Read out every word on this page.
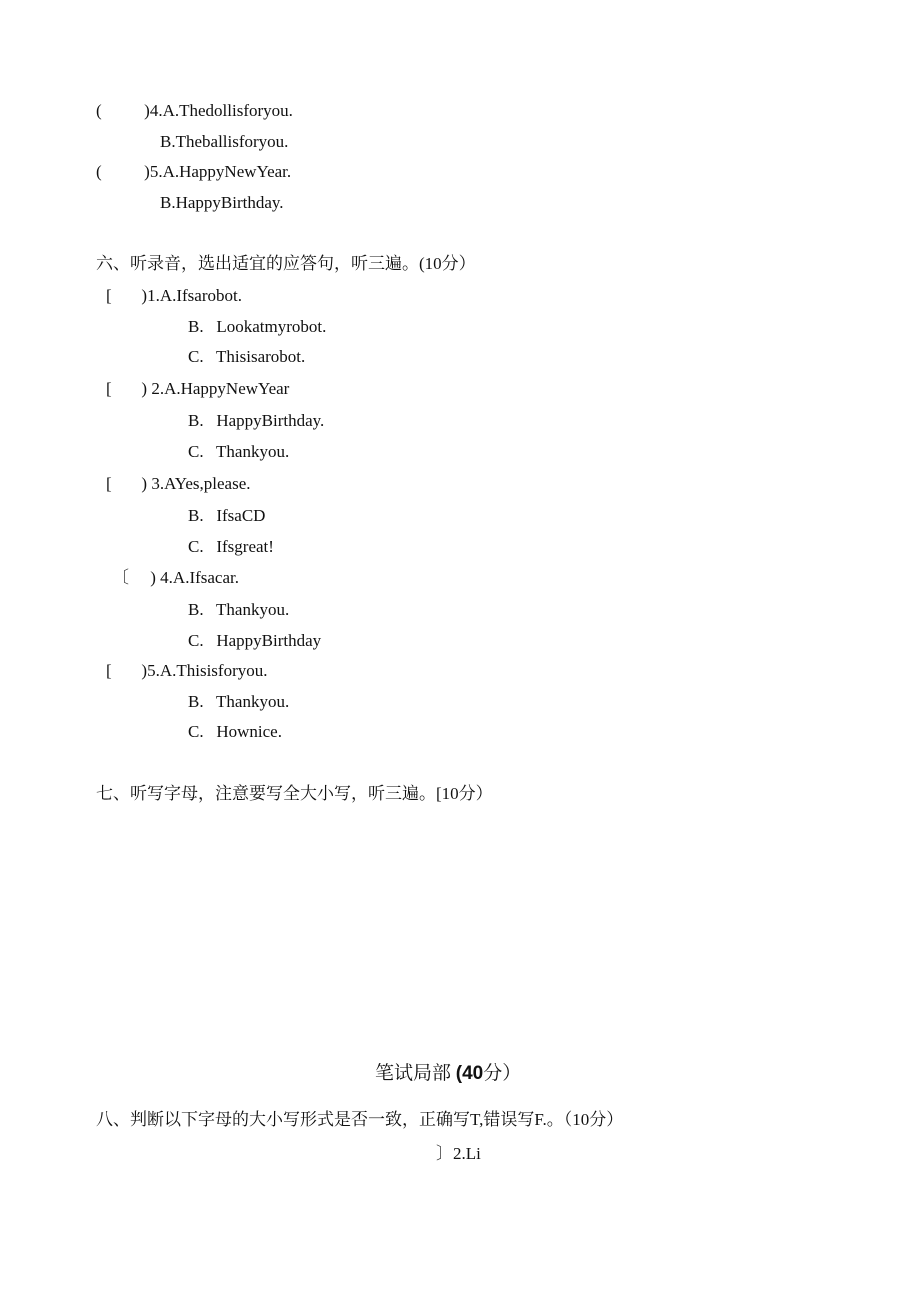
(          )4.A.Thedollisforyou.
B.Theballisforyou.
(          )5.A.HappyNewYear.
B.HappyBirthday.
六、听录音，选出适宜的应答句，听三遍。(10分）
[       )1.A.Ifsarobot.
B.   Lookatmyrobot.
C.   Thisisarobot.
[       ) 2.A.HappyNewYear
B.   HappyBirthday.
C.   Thankyou.
[       ) 3.AYes,please.
B.   IfsaCD
C.   Ifsgreat!
〔     ) 4.A.Ifsacar.
B.   Thankyou.
C.   HappyBirthday
[       )5.A.Thisisforyou.
B.   Thankyou.
C.   Hownice.
七、听写字母，注意要写全大小写，听三遍。[10分）
笔试局部 (40分）
八、判断以下字母的大小写形式是否一致，正确写T,错误写F.。（10分）
〕2.Li
